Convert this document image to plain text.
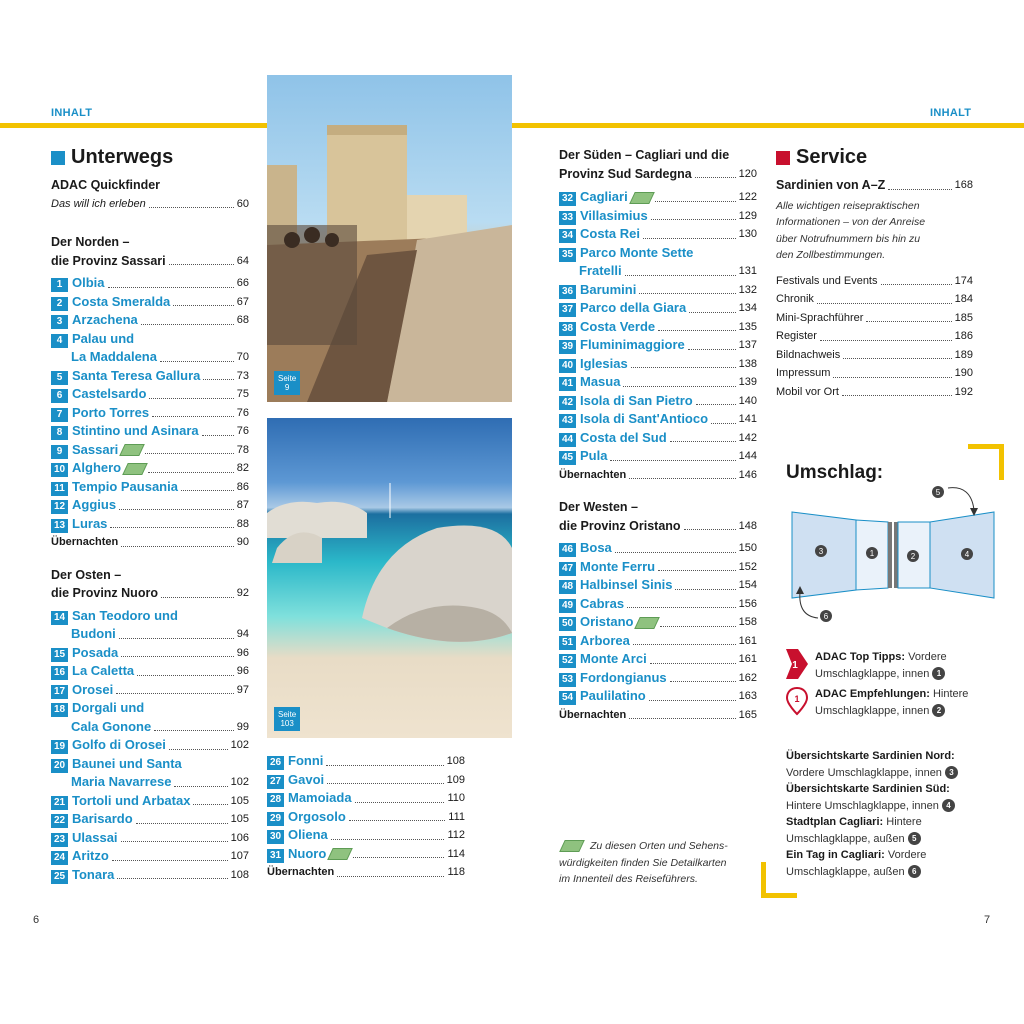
INHALT	INHALT
Unterwegs
ADAC Quickfinder
Das will ich erleben	60
Der Norden –
die Provinz Sassari	64
1 Olbia	66
2 Costa Smeralda	67
3 Arzachena	68
4 Palau und
La Maddalena	70
5 Santa Teresa Gallura	73
6 Castelsardo	75
7 Porto Torres	76
8 Stintino und Asinara	76
9 Sassari	78
10 Alghero	82
11 Tempio Pausania	86
12 Aggius	87
13 Luras	88
Übernachten	90
Der Osten –
die Provinz Nuoro	92
14 San Teodoro und
Budoni	94
15 Posada	96
16 La Caletta	96
17 Orosei	97
18 Dorgali und
Cala Gonone	99
19 Golfo di Orosei	102
20 Baunei und Santa
Maria Navarrese	102
21 Tortoli und Arbatax	105
22 Barisardo	105
23 Ulassai	106
24 Aritzo	107
25 Tonara	108
Seite
9
Seite
103
26 Fonni	108
27 Gavoi	109
28 Mamoiada	110
29 Orgosolo	111
30 Oliena	112
31 Nuoro	114
Übernachten	118
Der Süden – Cagliari und die
Provinz Sud Sardegna	120
32 Cagliari	122
33 Villasimius	129
34 Costa Rei	130
35 Parco Monte Sette
Fratelli	131
36 Barumini	132
37 Parco della Giara	134
38 Costa Verde	135
39 Fluminimaggiore	137
40 Iglesias	138
41 Masua	139
42 Isola di San Pietro	140
43 Isola di Sant'Antioco	141
44 Costa del Sud	142
45 Pula	144
Übernachten	146
Der Westen –
die Provinz Oristano	148
46 Bosa	150
47 Monte Ferru	152
48 Halbinsel Sinis	154
49 Cabras	156
50 Oristano	158
51 Arborea	161
52 Monte Arci	161
53 Fordongianus	162
54 Paulilatino	163
Übernachten	165
Zu diesen Orten und Sehens-
würdigkeiten finden Sie Detailkarten
im Innenteil des Reiseführers.
Service
Sardinien von A–Z	168
Alle wichtigen reisepraktischen
Informationen – von der Anreise
über Notrufnummern bis hin zu
den Zollbestimmungen.
Festivals und Events	174
Chronik	184
Mini-Sprachführer	185
Register	186
Bildnachweis	189
Impressum	190
Mobil vor Ort	192
Umschlag:
3	1	2	4
5
6
1
1
ADAC Top Tipps: Vordere
Umschlagklappe, innen 1
ADAC Empfehlungen: Hintere
Umschlagklappe, innen 2
Übersichtskarte Sardinien Nord:
Vordere Umschlagklappe, innen 3
Übersichtskarte Sardinien Süd:
Hintere Umschlagklappe, innen 4
Stadtplan Cagliari: Hintere
Umschlagklappe, außen 5
Ein Tag in Cagliari: Vordere
Umschlagklappe, außen 6
6	7
